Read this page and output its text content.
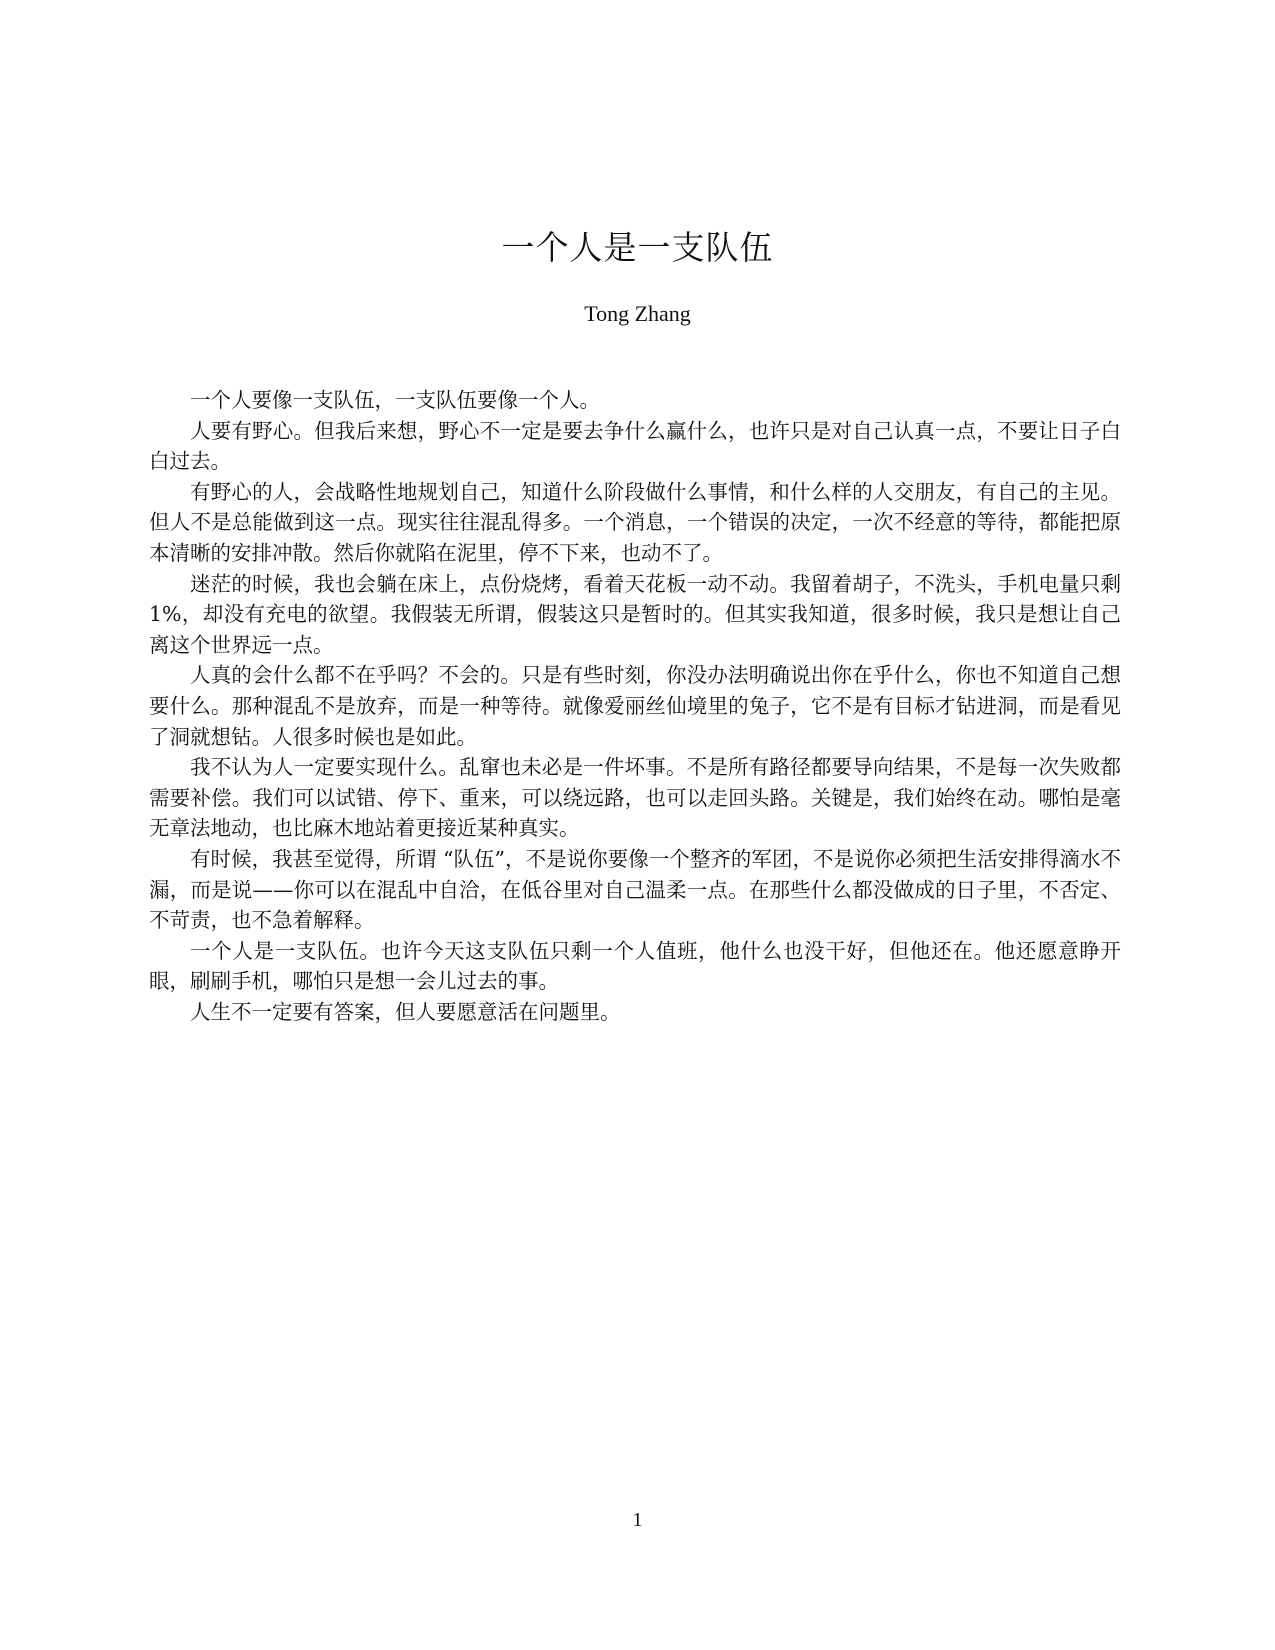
一个人是一支队伍
Tong Zhang

一个人要像一支队伍，一支队伍要像一个人。

人要有野心。但我后来想，野心不一定是要去争什么赢什么，也许只是对自己认真一点，不要让日子白白过去。

有野心的人，会战略性地规划自己，知道什么阶段做什么事情，和什么样的人交朋友，有自己的主见。但人不是总能做到这一点。现实往往混乱得多。一个消息，一个错误的决定，一次不经意的等待，都能把原本清晰的安排冲散。然后你就陷在泥里，停不下来，也动不了。

迷茫的时候，我也会躺在床上，点份烧烤，看着天花板一动不动。我留着胡子，不洗头，手机电量只剩 1%，却没有充电的欲望。我假装无所谓，假装这只是暂时的。但其实我知道，很多时候，我只是想让自己离这个世界远一点。

人真的会什么都不在乎吗？不会的。只是有些时刻，你没办法明确说出你在乎什么，你也不知道自己想要什么。那种混乱不是放弃，而是一种等待。就像爱丽丝仙境里的兔子，它不是有目标才钻进洞，而是看见了洞就想钻。人很多时候也是如此。

我不认为人一定要实现什么。乱窜也未必是一件坏事。不是所有路径都要导向结果，不是每一次失败都需要补偿。我们可以试错、停下、重来，可以绕远路，也可以走回头路。关键是，我们始终在动。哪怕是毫无章法地动，也比麻木地站着更接近某种真实。

有时候，我甚至觉得，所谓 “队伍”，不是说你要像一个整齐的军团，不是说你必须把生活安排得滴水不漏，而是说——你可以在混乱中自洽，在低谷里对自己温柔一点。在那些什么都没做成的日子里，不否定、不苛责，也不急着解释。

一个人是一支队伍。也许今天这支队伍只剩一个人值班，他什么也没干好，但他还在。他还愿意睁开眼，刷刷手机，哪怕只是想一会儿过去的事。

人生不一定要有答案，但人要愿意活在问题里。

1
